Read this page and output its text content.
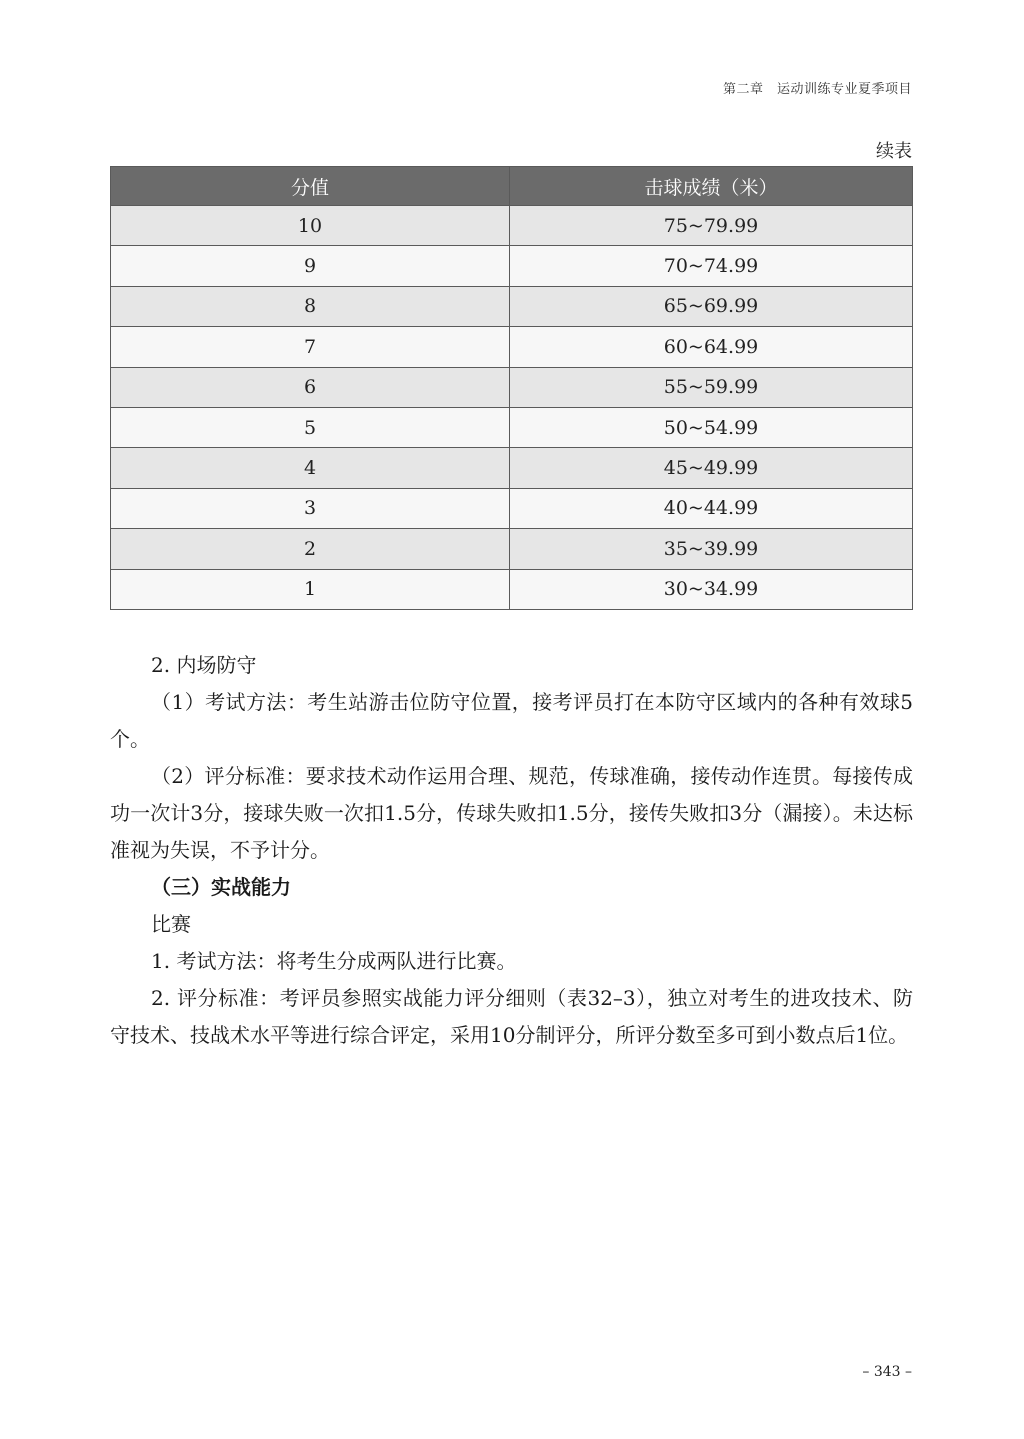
第二章　运动训练专业夏季项目
续表
分值	击球成绩（米）
10	75~79.99
9	70~74.99
8	65~69.99
7	60~64.99
6	55~59.99
5	50~54.99
4	45~49.99
3	40~44.99
2	35~39.99
1	30~34.99

2. 内场防守

（1）考试方法：考生站游击位防守位置，接考评员打在本防守区域内的各种有效球5个。

（2）评分标准：要求技术动作运用合理、规范，传球准确，接传动作连贯。每接传成功一次计3分，接球失败一次扣1.5分，传球失败扣1.5分，接传失败扣3分（漏接）。未达标准视为失误，不予计分。

（三）实战能力

比赛

1. 考试方法：将考生分成两队进行比赛。

2. 评分标准：考评员参照实战能力评分细则（表32–3），独立对考生的进攻技术、防守技术、技战术水平等进行综合评定，采用10分制评分，所评分数至多可到小数点后1位。

– 343 –
